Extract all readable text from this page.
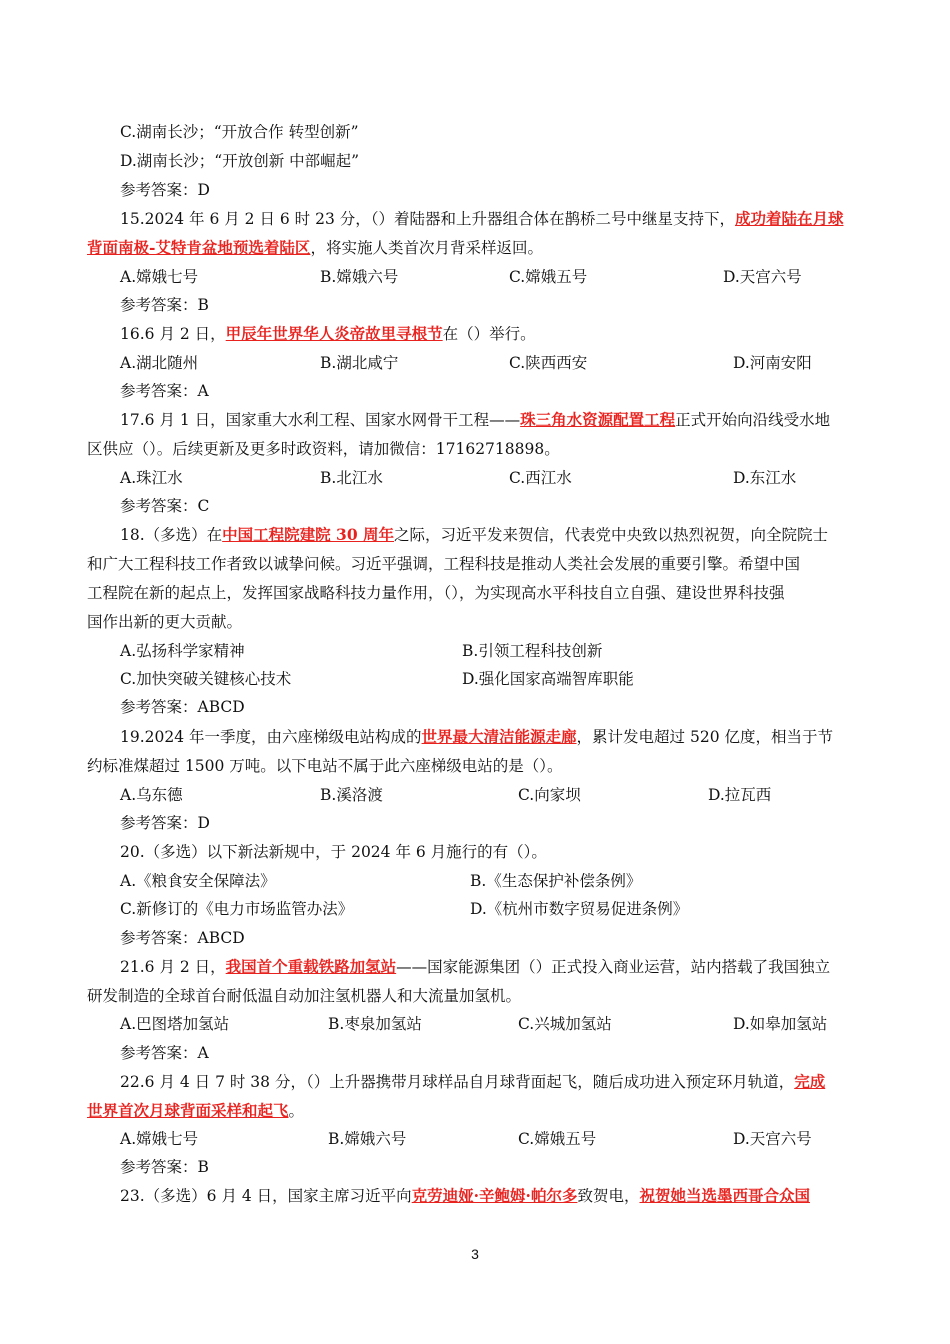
C.湖南长沙；“开放合作 转型创新”
D.湖南长沙；“开放创新 中部崛起”
参考答案：D
15.2024 年 6 月 2 日 6 时 23 分，（）着陆器和上升器组合体在鹊桥二号中继星支持下，成功着陆在月球
背面南极-艾特肯盆地预选着陆区，将实施人类首次月背采样返回。
A.嫦娥七号	B.嫦娥六号	C.嫦娥五号	D.天宫六号
参考答案：B
16.6 月 2 日，甲辰年世界华人炎帝故里寻根节在（）举行。
A.湖北随州	B.湖北咸宁	C.陕西西安	D.河南安阳
参考答案：A
17.6 月 1 日，国家重大水利工程、国家水网骨干工程——珠三角水资源配置工程正式开始向沿线受水地
区供应（）。后续更新及更多时政资料，请加微信：17162718898。
A.珠江水	B.北江水	C.西江水	D.东江水
参考答案：C
18.（多选）在中国工程院建院 30 周年之际，习近平发来贺信，代表党中央致以热烈祝贺，向全院院士
和广大工程科技工作者致以诚挚问候。习近平强调，工程科技是推动人类社会发展的重要引擎。希望中国
工程院在新的起点上，发挥国家战略科技力量作用，（），为实现高水平科技自立自强、建设世界科技强
国作出新的更大贡献。
A.弘扬科学家精神	B.引领工程科技创新
C.加快突破关键核心技术	D.强化国家高端智库职能
参考答案：ABCD
19.2024 年一季度，由六座梯级电站构成的世界最大清洁能源走廊，累计发电超过 520 亿度，相当于节
约标准煤超过 1500 万吨。以下电站不属于此六座梯级电站的是（）。
A.乌东德	B.溪洛渡	C.向家坝	D.拉瓦西
参考答案：D
20.（多选）以下新法新规中，于 2024 年 6 月施行的有（）。
A.《粮食安全保障法》	B.《生态保护补偿条例》
C.新修订的《电力市场监管办法》	D.《杭州市数字贸易促进条例》
参考答案：ABCD
21.6 月 2 日，我国首个重载铁路加氢站——国家能源集团（）正式投入商业运营，站内搭载了我国独立
研发制造的全球首台耐低温自动加注氢机器人和大流量加氢机。
A.巴图塔加氢站	B.枣泉加氢站	C.兴城加氢站	D.如皋加氢站
参考答案：A
22.6 月 4 日 7 时 38 分，（）上升器携带月球样品自月球背面起飞，随后成功进入预定环月轨道，完成
世界首次月球背面采样和起飞。
A.嫦娥七号	B.嫦娥六号	C.嫦娥五号	D.天宫六号
参考答案：B
23.（多选）6 月 4 日，国家主席习近平向克劳迪娅·辛鲍姆·帕尔多致贺电，祝贺她当选墨西哥合众国
3
